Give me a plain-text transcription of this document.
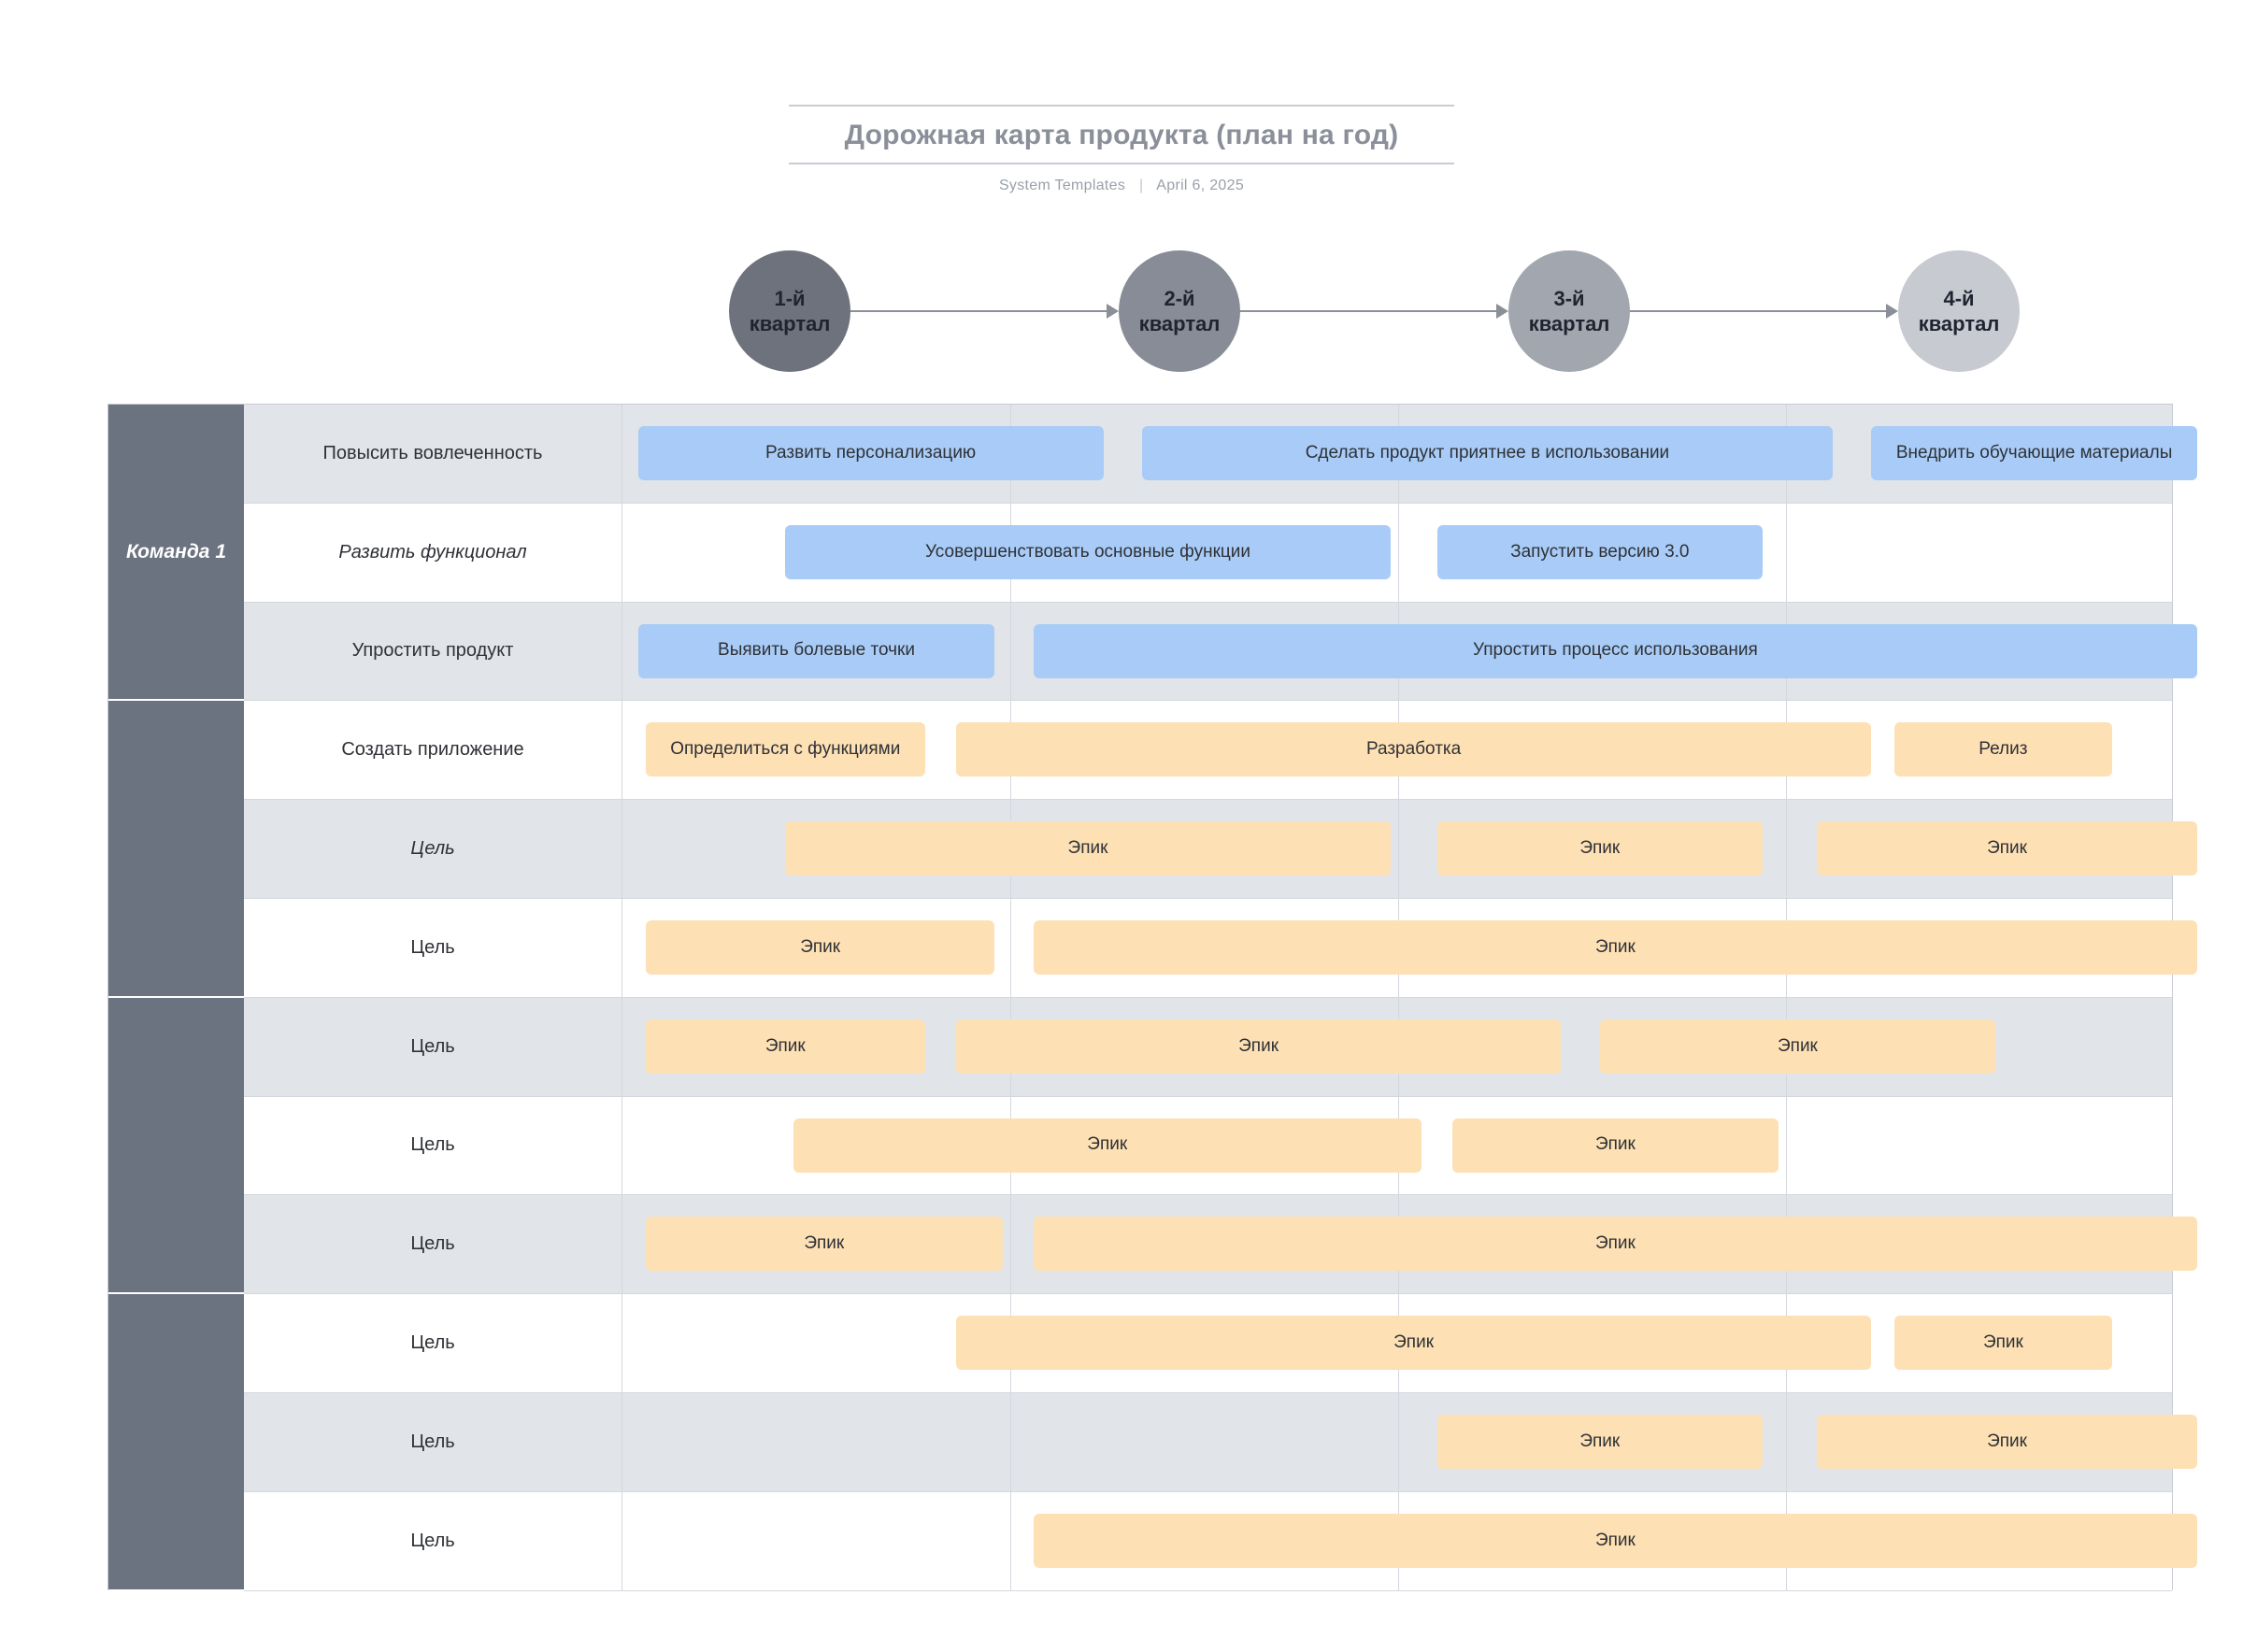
Дорожная карта продукта (план на год)
System Templates | April 6, 2025
1-й квартал
2-й квартал
3-й квартал
4-й квартал
Команда 1
Повысить вовлеченность	Развить персонализацию	Сделать продукт приятнее в использовании	Внедрить обучающие материалы
Развить функционал	Усовершенствовать основные функции	Запустить версию 3.0
Упростить продукт	Выявить болевые точки	Упростить процесс использования
Создать приложение	Определиться с функциями	Разработка	Релиз
Цель	Эпик	Эпик	Эпик
Цель	Эпик	Эпик
Цель	Эпик	Эпик	Эпик
Цель	Эпик	Эпик
Цель	Эпик	Эпик
Цель	Эпик	Эпик
Цель	Эпик	Эпик
Цель	Эпик
